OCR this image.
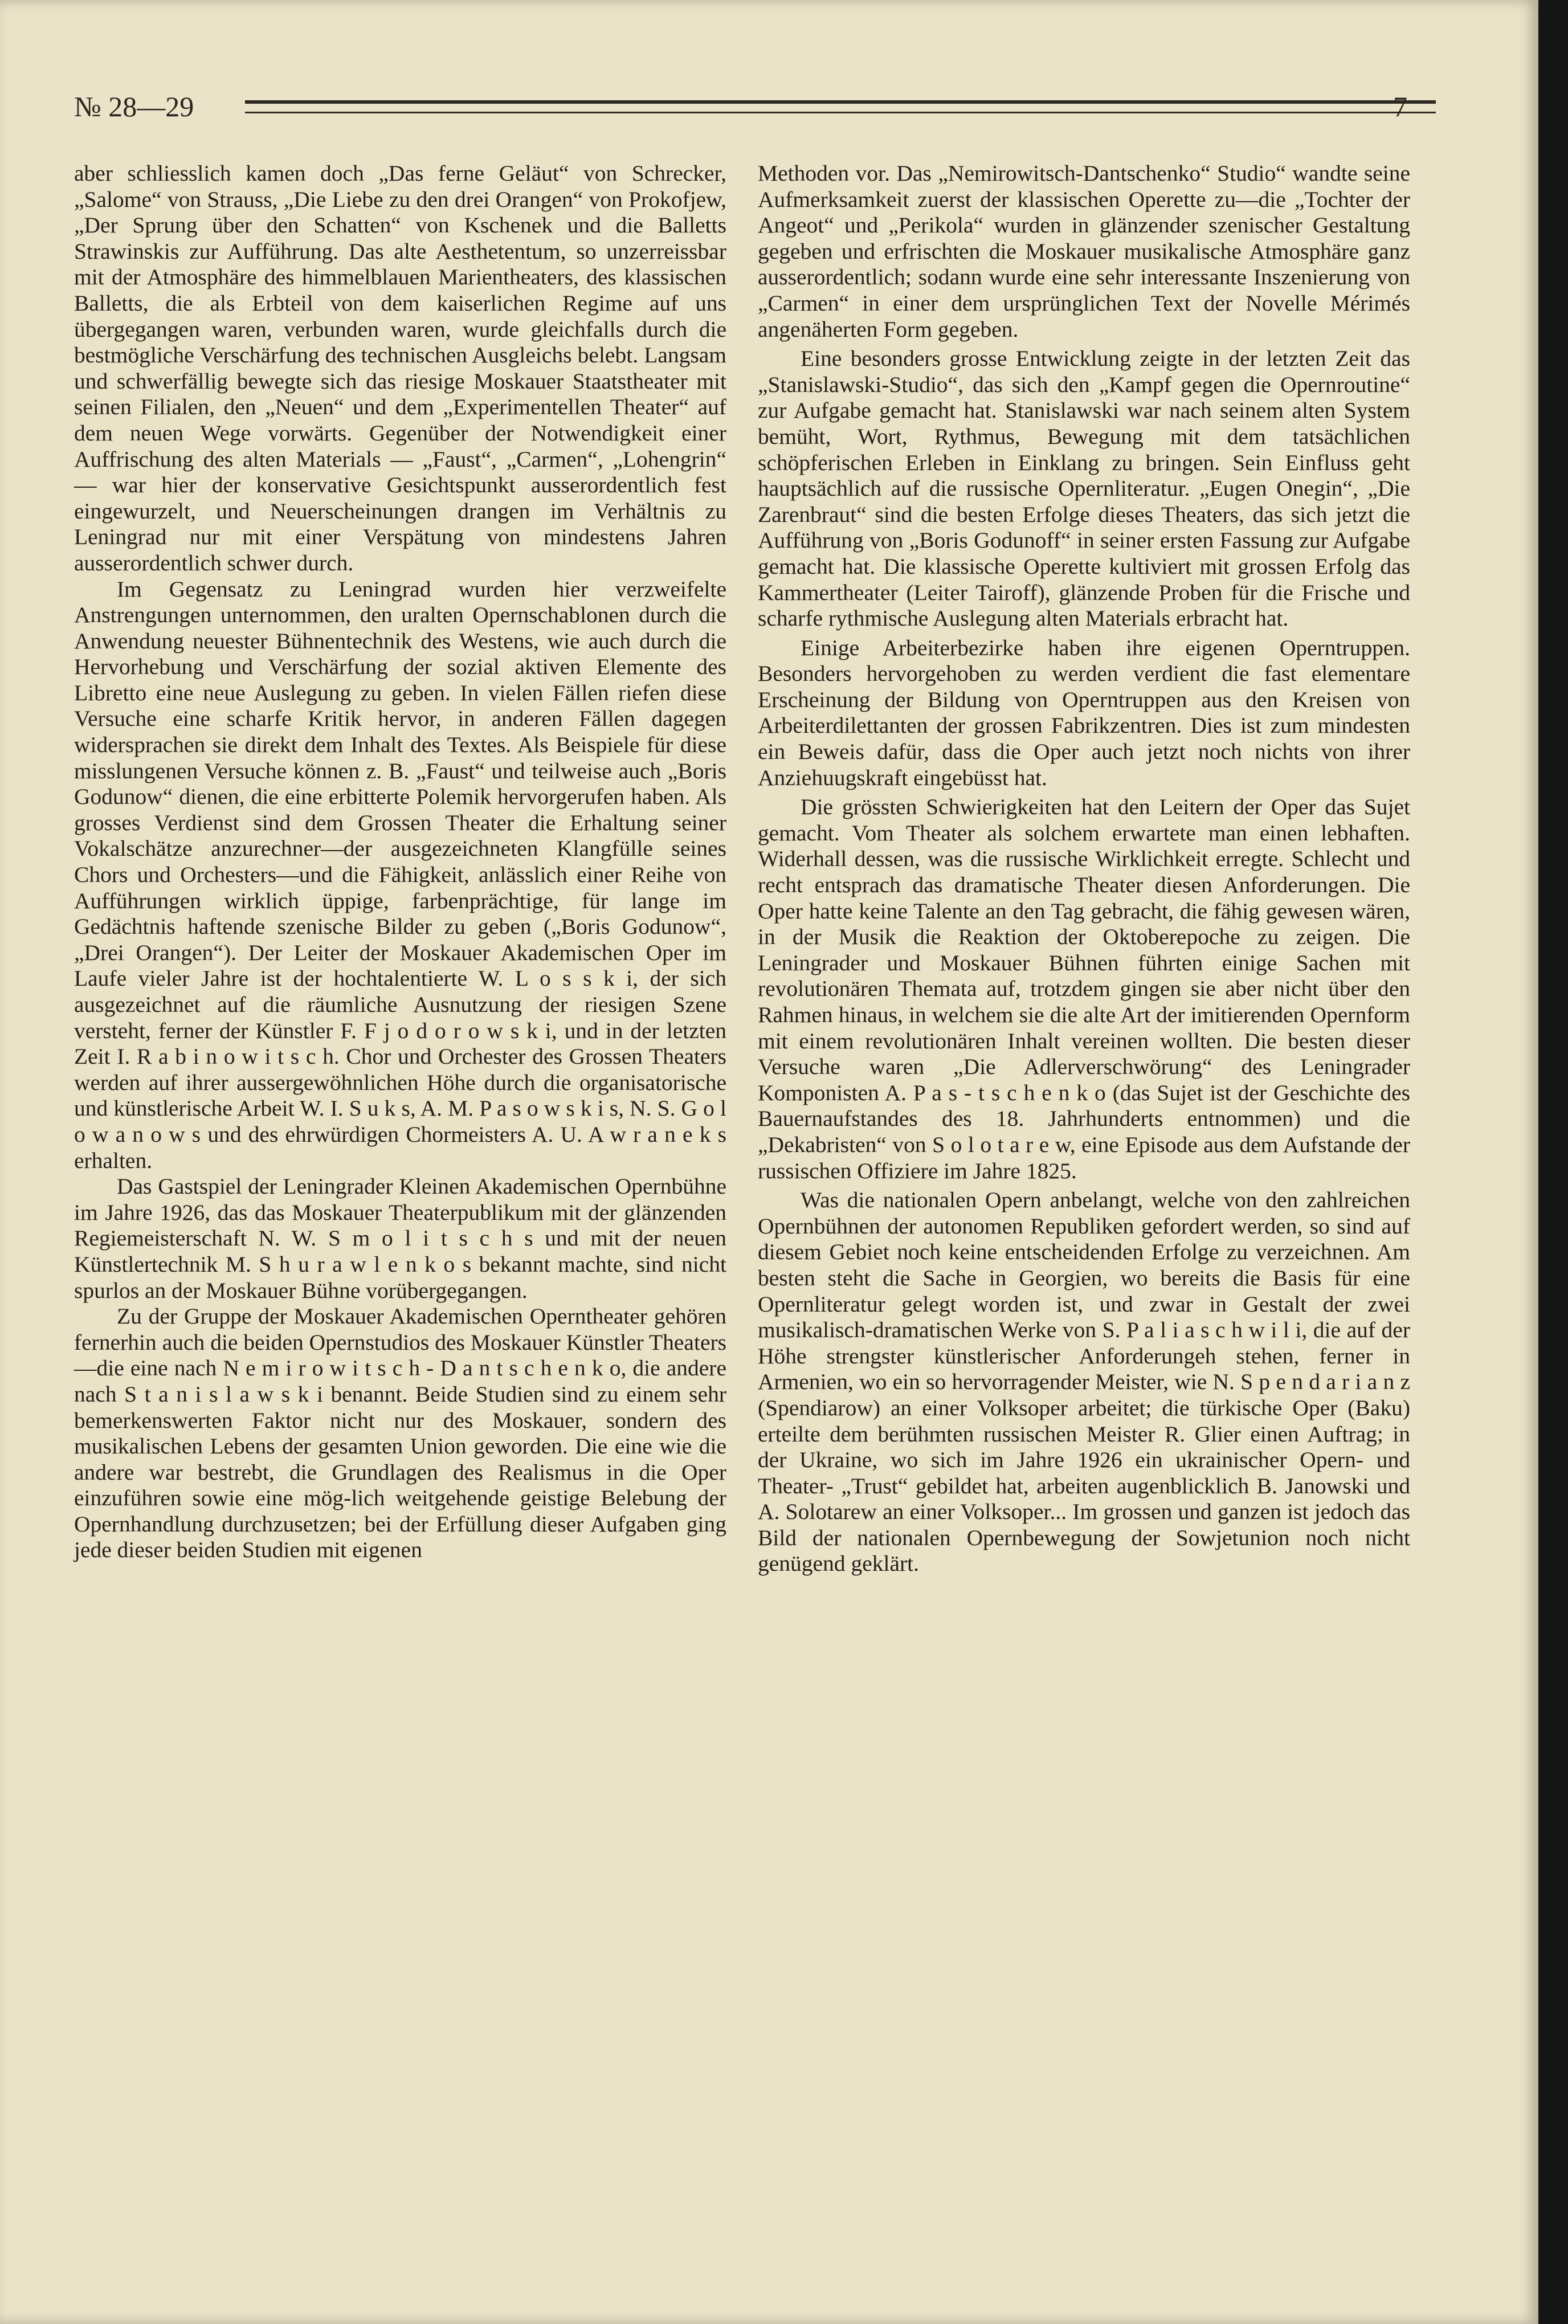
№ 28—29	7

aber schliesslich kamen doch „Das ferne Geläut“ von Schrecker, „Salome“ von Strauss, „Die Liebe zu den drei Orangen“ von Prokofjew, „Der Sprung über den Schatten“ von Kschenek und die Balletts Strawinskis zur Aufführung. Das alte Aesthetentum, so unzerreissbar mit der Atmosphäre des himmelblauen Marientheaters, des klassischen Balletts, die als Erbteil von dem kaiserlichen Regime auf uns übergegangen waren, verbunden waren, wurde gleichfalls durch die bestmögliche Verschärfung des technischen Ausgleichs belebt. Langsam und schwerfällig bewegte sich das riesige Moskauer Staatstheater mit seinen Filialen, den „Neuen“ und dem „Experimentellen Theater“ auf dem neuen Wege vorwärts. Gegenüber der Notwendigkeit einer Auffrischung des alten Materials — „Faust“, „Carmen“, „Lohengrin“ — war hier der konservative Gesichtspunkt ausserordentlich fest eingewurzelt, und Neuerscheinungen drangen im Verhältnis zu Leningrad nur mit einer Verspätung von mindestens Jahren ausserordentlich schwer durch.

Im Gegensatz zu Leningrad wurden hier verzweifelte Anstrengungen unternommen, den uralten Opernschablonen durch die Anwendung neuester Bühnentechnik des Westens, wie auch durch die Hervorhebung und Verschärfung der sozial aktiven Elemente des Libretto eine neue Auslegung zu geben. In vielen Fällen riefen diese Versuche eine scharfe Kritik hervor, in anderen Fällen dagegen widersprachen sie direkt dem Inhalt des Textes. Als Beispiele für diese misslungenen Versuche können z. B. „Faust“ und teilweise auch „Boris Godunow“ dienen, die eine erbitterte Polemik hervorgerufen haben. Als grosses Verdienst sind dem Grossen Theater die Erhaltung seiner Vokalschätze anzurechner—der ausgezeichneten Klangfülle seines Chors und Orchesters—und die Fähigkeit, anlässlich einer Reihe von Aufführungen wirklich üppige, farbenprächtige, für lange im Gedächtnis haftende szenische Bilder zu geben („Boris Godunow“,„Drei Orangen“). Der Leiter der Moskauer Akademischen Oper im Laufe vieler Jahre ist der hochtalentierte W. L o s s k i, der sich ausgezeichnet auf die räumliche Ausnutzung der riesigen Szene versteht, ferner der Künstler F. F j o d o r o w s k i, und in der letzten Zeit I. R a b i n o w i t s c h. Chor und Orchester des Grossen Theaters werden auf ihrer aussergewöhnlichen Höhe durch die organisatorische und künstlerische Arbeit W. I. S u k s, A. M. P a s o w s k i s, N. S. G o l o w a n o w s und des ehrwürdigen Chormeisters A. U. A w r a n e k s erhalten.

Das Gastspiel der Leningrader Kleinen Akademischen Opernbühne im Jahre 1926, das das Moskauer Theaterpublikum mit der glänzenden Regiemeisterschaft N. W. S m o l i t s c h s und mit der neuen Künstlertechnik M. S h u r a w l e n k o s bekannt machte, sind nicht spurlos an der Moskauer Bühne vorübergegangen.

Zu der Gruppe der Moskauer Akademischen Operntheater gehören fernerhin auch die beiden Opernstudios des Moskauer Künstler Theaters—die eine nach N e m i r o w i t s c h - D a n t s c h e n k o, die andere nach S t a n i s l a w s k i benannt. Beide Studien sind zu einem sehr bemerkenswerten Faktor nicht nur des Moskauer, sondern des musikalischen Lebens der gesamten Union geworden. Die eine wie die andere war bestrebt, die Grundlagen des Realismus in die Oper einzuführen sowie eine mög-lich weitgehende geistige Belebung der Opernhandlung durchzusetzen; bei der Erfüllung dieser Aufgaben ging jede dieser beiden Studien mit eigenen

Methoden vor. Das „Nemirowitsch-Dantschenko“ Studio“ wandte seine Aufmerksamkeit zuerst der klassischen Operette zu—die „Tochter der Angeot“ und „Perikola“ wurden in glänzender szenischer Gestaltung gegeben und erfrischten die Moskauer musikalische Atmosphäre ganz ausserordentlich; sodann wurde eine sehr interessante Inszenierung von „Carmen“ in einer dem ursprünglichen Text der Novelle Mérimés angenäherten Form gegeben.

Eine besonders grosse Entwicklung zeigte in der letzten Zeit das „Stanislawski-Studio“, das sich den „Kampf gegen die Opernroutine“ zur Aufgabe gemacht hat. Stanislawski war nach seinem alten System bemüht, Wort, Rythmus, Bewegung mit dem tatsächlichen schöpferischen Erleben in Einklang zu bringen. Sein Einfluss geht hauptsächlich auf die russische Opernliteratur. „Eugen Onegin“, „Die Zarenbraut“ sind die besten Erfolge dieses Theaters, das sich jetzt die Aufführung von „Boris Godunoff“ in seiner ersten Fassung zur Aufgabe gemacht hat. Die klassische Operette kultiviert mit grossen Erfolg das Kammertheater (Leiter Tairoff), glänzende Proben für die Frische und scharfe rythmische Auslegung alten Materials erbracht hat.

Einige Arbeiterbezirke haben ihre eigenen Operntruppen. Besonders hervorgehoben zu werden verdient die fast elementare Erscheinung der Bildung von Operntruppen aus den Kreisen von Arbeiterdilettanten der grossen Fabrikzentren. Dies ist zum mindesten ein Beweis dafür, dass die Oper auch jetzt noch nichts von ihrer Anziehuugskraft eingebüsst hat.

Die grössten Schwierigkeiten hat den Leitern der Oper das Sujet gemacht. Vom Theater als solchem erwartete man einen lebhaften. Widerhall dessen, was die russische Wirklichkeit erregte. Schlecht und recht entsprach das dramatische Theater diesen Anforderungen. Die Oper hatte keine Talente an den Tag gebracht, die fähig gewesen wären, in der Musik die Reaktion der Oktoberepoche zu zeigen. Die Leningrader und Moskauer Bühnen führten einige Sachen mit revolutionären Themata auf, trotzdem gingen sie aber nicht über den Rahmen hinaus, in welchem sie die alte Art der imitierenden Opernform mit einem revolutionären Inhalt vereinen wollten. Die besten dieser Versuche waren „Die Adlerverschwörung“ des Leningrader Komponisten A. P a s - t s c h e n k o (das Sujet ist der Geschichte des Bauernaufstandes des 18. Jahrhunderts entnommen) und die „Dekabristen“ von S o l o t a r e w, eine Episode aus dem Aufstande der russischen Offiziere im Jahre 1825.

Was die nationalen Opern anbelangt, welche von den zahlreichen Opernbühnen der autonomen Republiken gefordert werden, so sind auf diesem Gebiet noch keine entscheidenden Erfolge zu verzeichnen. Am besten steht die Sache in Georgien, wo bereits die Basis für eine Opernliteratur gelegt worden ist, und zwar in Gestalt der zwei musikalisch-dramatischen Werke von S. P a l i a s c h w i l i, die auf der Höhe strengster künstlerischer Anforderungeh stehen, ferner in Armenien, wo ein so hervorragender Meister, wie N. S p e n d a r i a n z (Spendiarow) an einer Volksoper arbeitet; die türkische Oper (Baku) erteilte dem berühmten russischen Meister R. Glier einen Auftrag; in der Ukraine, wo sich im Jahre 1926 ein ukrainischer Opern- und Theater- „Trust“ gebildet hat, arbeiten augenblicklich B. Janowski und A. Solotarew an einer Volksoper... Im grossen und ganzen ist jedoch das Bild der nationalen Opernbewegung der Sowjetunion noch nicht genügend geklärt.
